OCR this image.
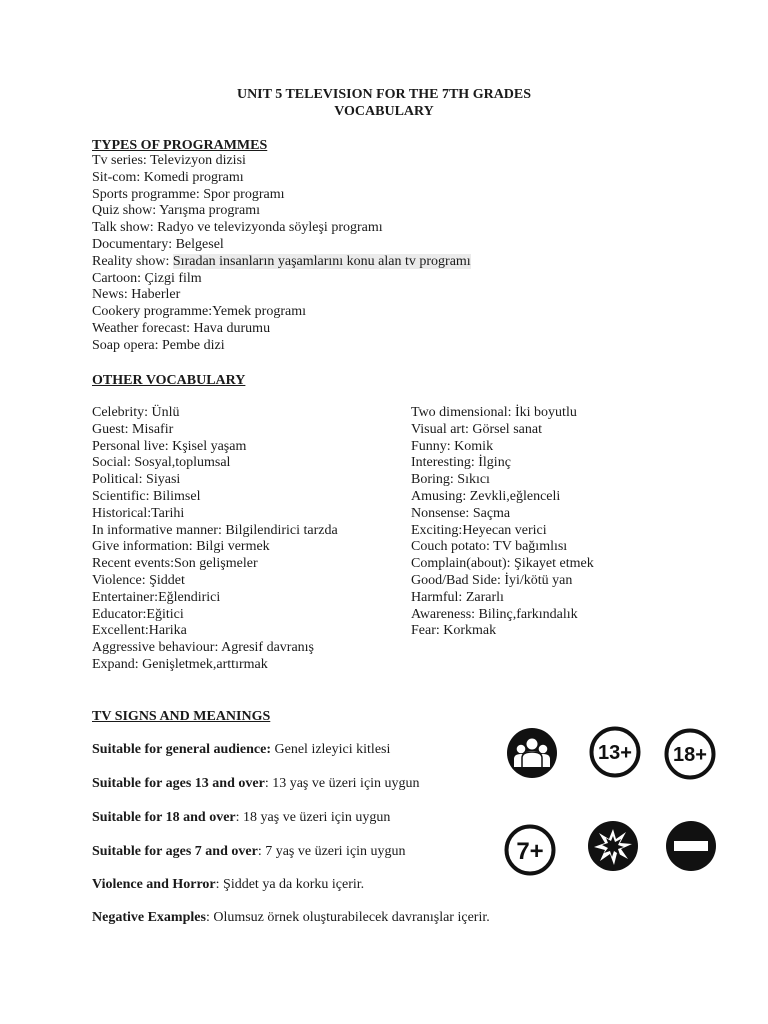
UNIT 5 TELEVISION FOR THE 7TH GRADES
VOCABULARY
TYPES OF PROGRAMMES
Tv series: Televizyon dizisi
Sit-com: Komedi programı
Sports programme: Spor programı
Quiz show: Yarışma programı
Talk show: Radyo ve televizyonda söyleşi programı
Documentary: Belgesel
Reality show: Sıradan insanların yaşamlarını konu alan tv programı
Cartoon: Çizgi film
News: Haberler
Cookery programme:Yemek programı
Weather forecast: Hava durumu
Soap opera: Pembe dizi
OTHER VOCABULARY
Celebrity: Ünlü
Guest: Misafir
Personal live: Kşisel yaşam
Social: Sosyal,toplumsal
Political: Siyasi
Scientific: Bilimsel
Historical:Tarihi
In informative manner: Bilgilendirici tarzda
Give information: Bilgi vermek
Recent events:Son gelişmeler
Violence: Şiddet
Entertainer:Eğlendirici
Educator:Eğitici
Excellent:Harika
Aggressive behaviour: Agresif davranış
Expand: Genişletmek,arttırmak
Two dimensional: İki boyutlu
Visual art: Görsel sanat
Funny: Komik
Interesting: İlginç
Boring: Sıkıcı
Amusing: Zevkli,eğlenceli
Nonsense: Saçma
Exciting:Heyecan verici
Couch potato: TV bağımlısı
Complain(about): Şikayet etmek
Good/Bad Side: İyi/kötü yan
Harmful: Zararlı
Awareness: Bilinç,farkındalık
Fear: Korkmak
TV SIGNS AND MEANINGS
Suitable for general audience: Genel izleyici kitlesi
Suitable for ages 13 and over: 13 yaş ve üzeri için uygun
Suitable for 18 and over: 18 yaş ve üzeri için uygun
Suitable for ages 7 and over: 7 yaş ve üzeri için uygun
Violence and Horror: Şiddet ya da korku içerir.
Negative Examples: Olumsuz örnek oluşturabilecek davranışlar içerir.
13+ 18+
7+
